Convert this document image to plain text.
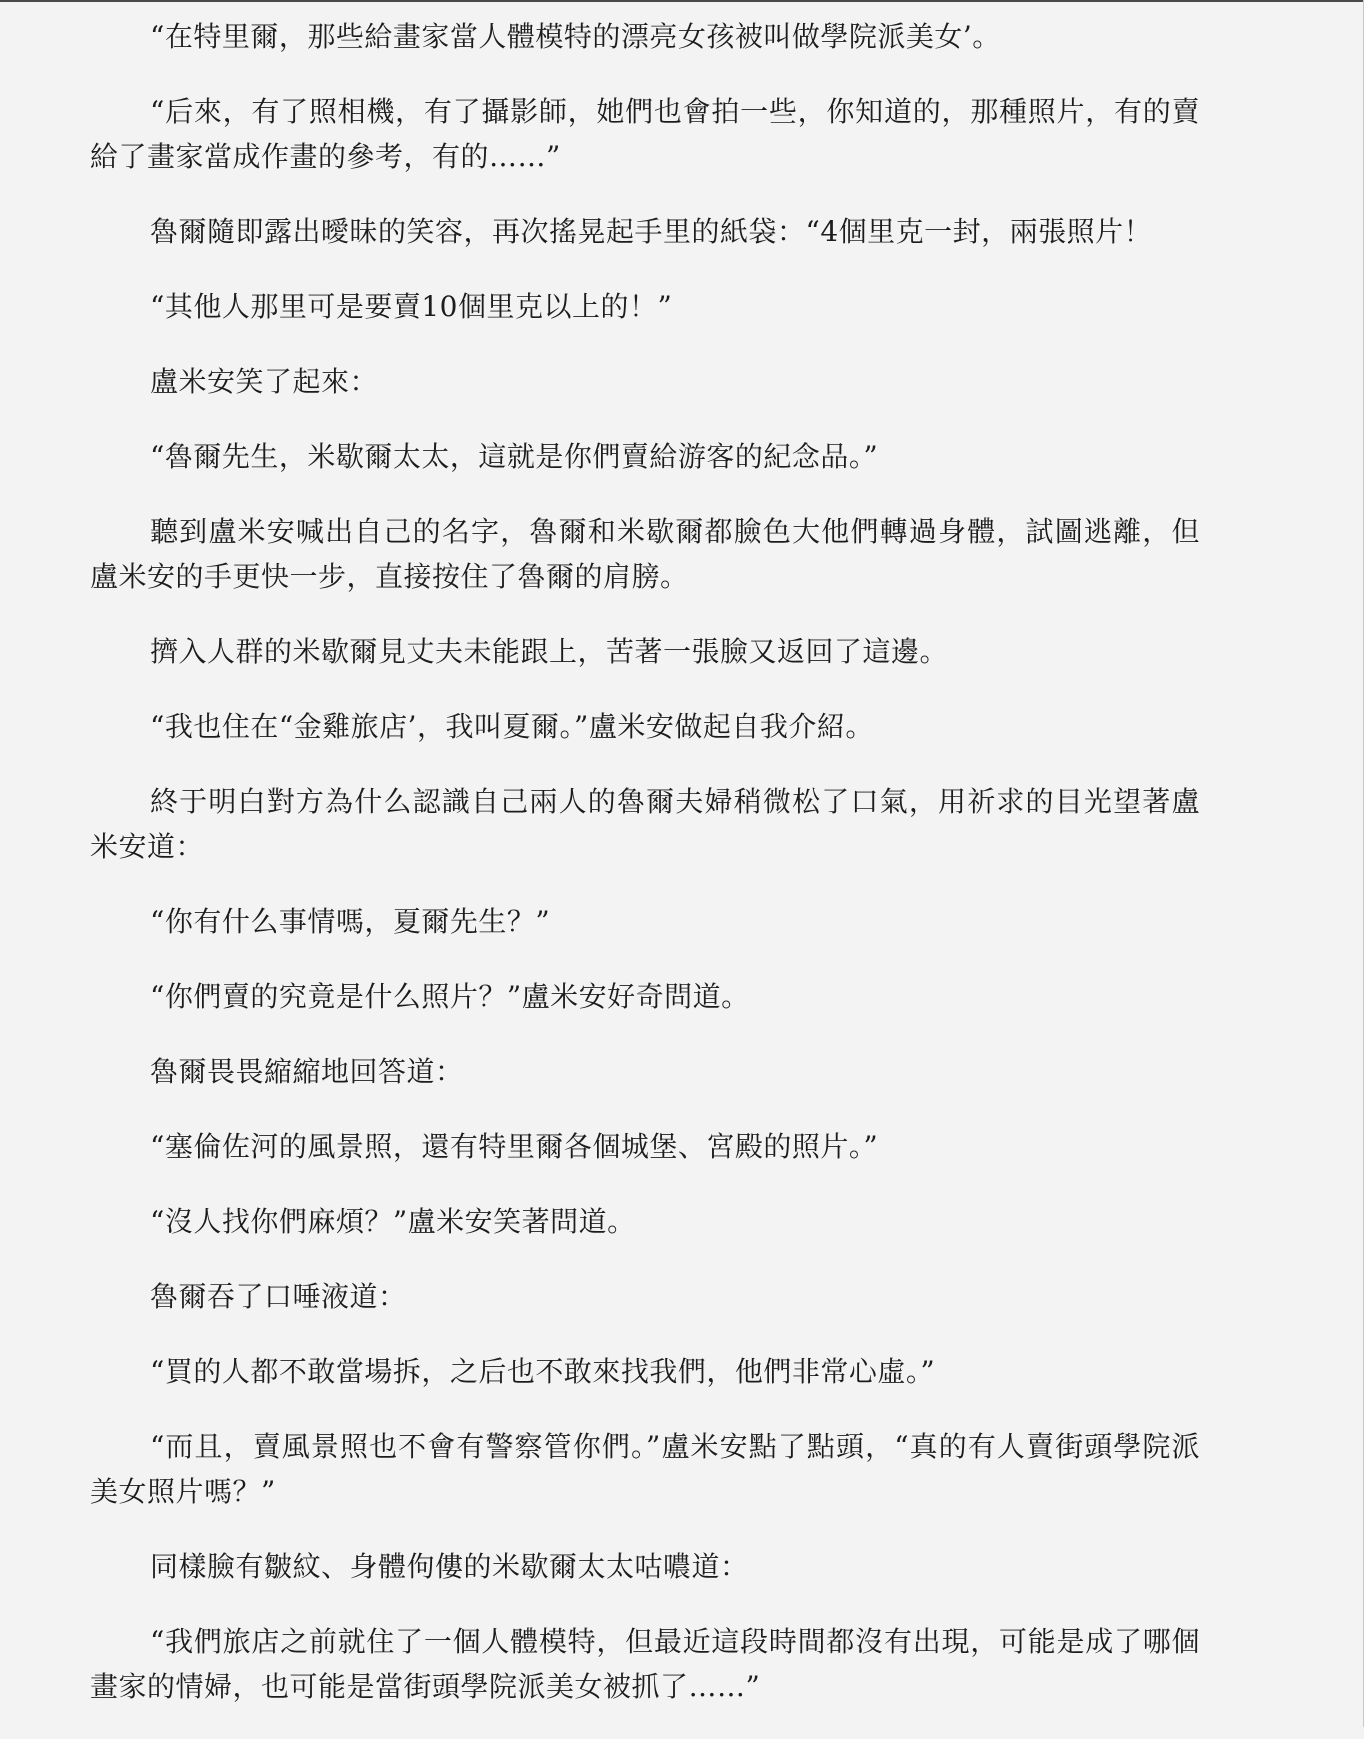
“在特里爾，那些給畫家當人體模特的漂亮女孩被叫做學院派美女’。

“后來，有了照相機，有了攝影師，她們也會拍一些，你知道的，那種照片，有的賣給了畫家當成作畫的參考，有的……”

魯爾隨即露出曖昧的笑容，再次搖晃起手里的紙袋：“4個里克一封，兩張照片！

“其他人那里可是要賣10個里克以上的！”

盧米安笑了起來：

“魯爾先生，米歇爾太太，這就是你們賣給游客的紀念品。”

聽到盧米安喊出自己的名字，魯爾和米歇爾都臉色大他們轉過身體，試圖逃離，但盧米安的手更快一步，直接按住了魯爾的肩膀。

擠入人群的米歇爾見丈夫未能跟上，苦著一張臉又返回了這邊。

“我也住在“金雞旅店’，我叫夏爾。”盧米安做起自我介紹。

終于明白對方為什么認識自己兩人的魯爾夫婦稍微松了口氣，用祈求的目光望著盧米安道：

“你有什么事情嗎，夏爾先生？”

“你們賣的究竟是什么照片？”盧米安好奇問道。

魯爾畏畏縮縮地回答道：

“塞倫佐河的風景照，還有特里爾各個城堡、宮殿的照片。”

“沒人找你們麻煩？”盧米安笑著問道。

魯爾吞了口唾液道：

“買的人都不敢當場拆，之后也不敢來找我們，他們非常心虛。”

“而且，賣風景照也不會有警察管你們。”盧米安點了點頭，“真的有人賣街頭學院派美女照片嗎？”

同樣臉有皺紋、身體佝僂的米歇爾太太咕噥道：

“我們旅店之前就住了一個人體模特，但最近這段時間都沒有出現，可能是成了哪個畫家的情婦，也可能是當街頭學院派美女被抓了……”
